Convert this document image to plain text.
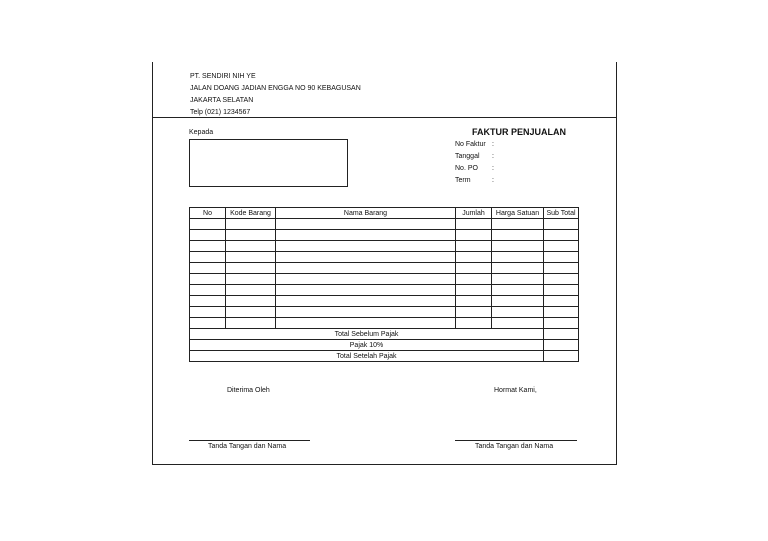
PT. SENDIRI NIH YE
JALAN DOANG JADIAN ENGGA NO 90 KEBAGUSAN
JAKARTA SELATAN
Telp (021) 1234567
Kepada	FAKTUR PENJUALAN
No Faktur :
Tanggal :
No. PO :
Term	:
No	Kode Barang	Nama Barang	Jumlah	Harga Satuan	Sub Total

Total Sebelum Pajak					
Pajak 10%					
Total Setelah Pajak					
Diterima Oleh	Hormat Kami,
Tanda Tangan dan Nama	Tanda Tangan dan Nama
